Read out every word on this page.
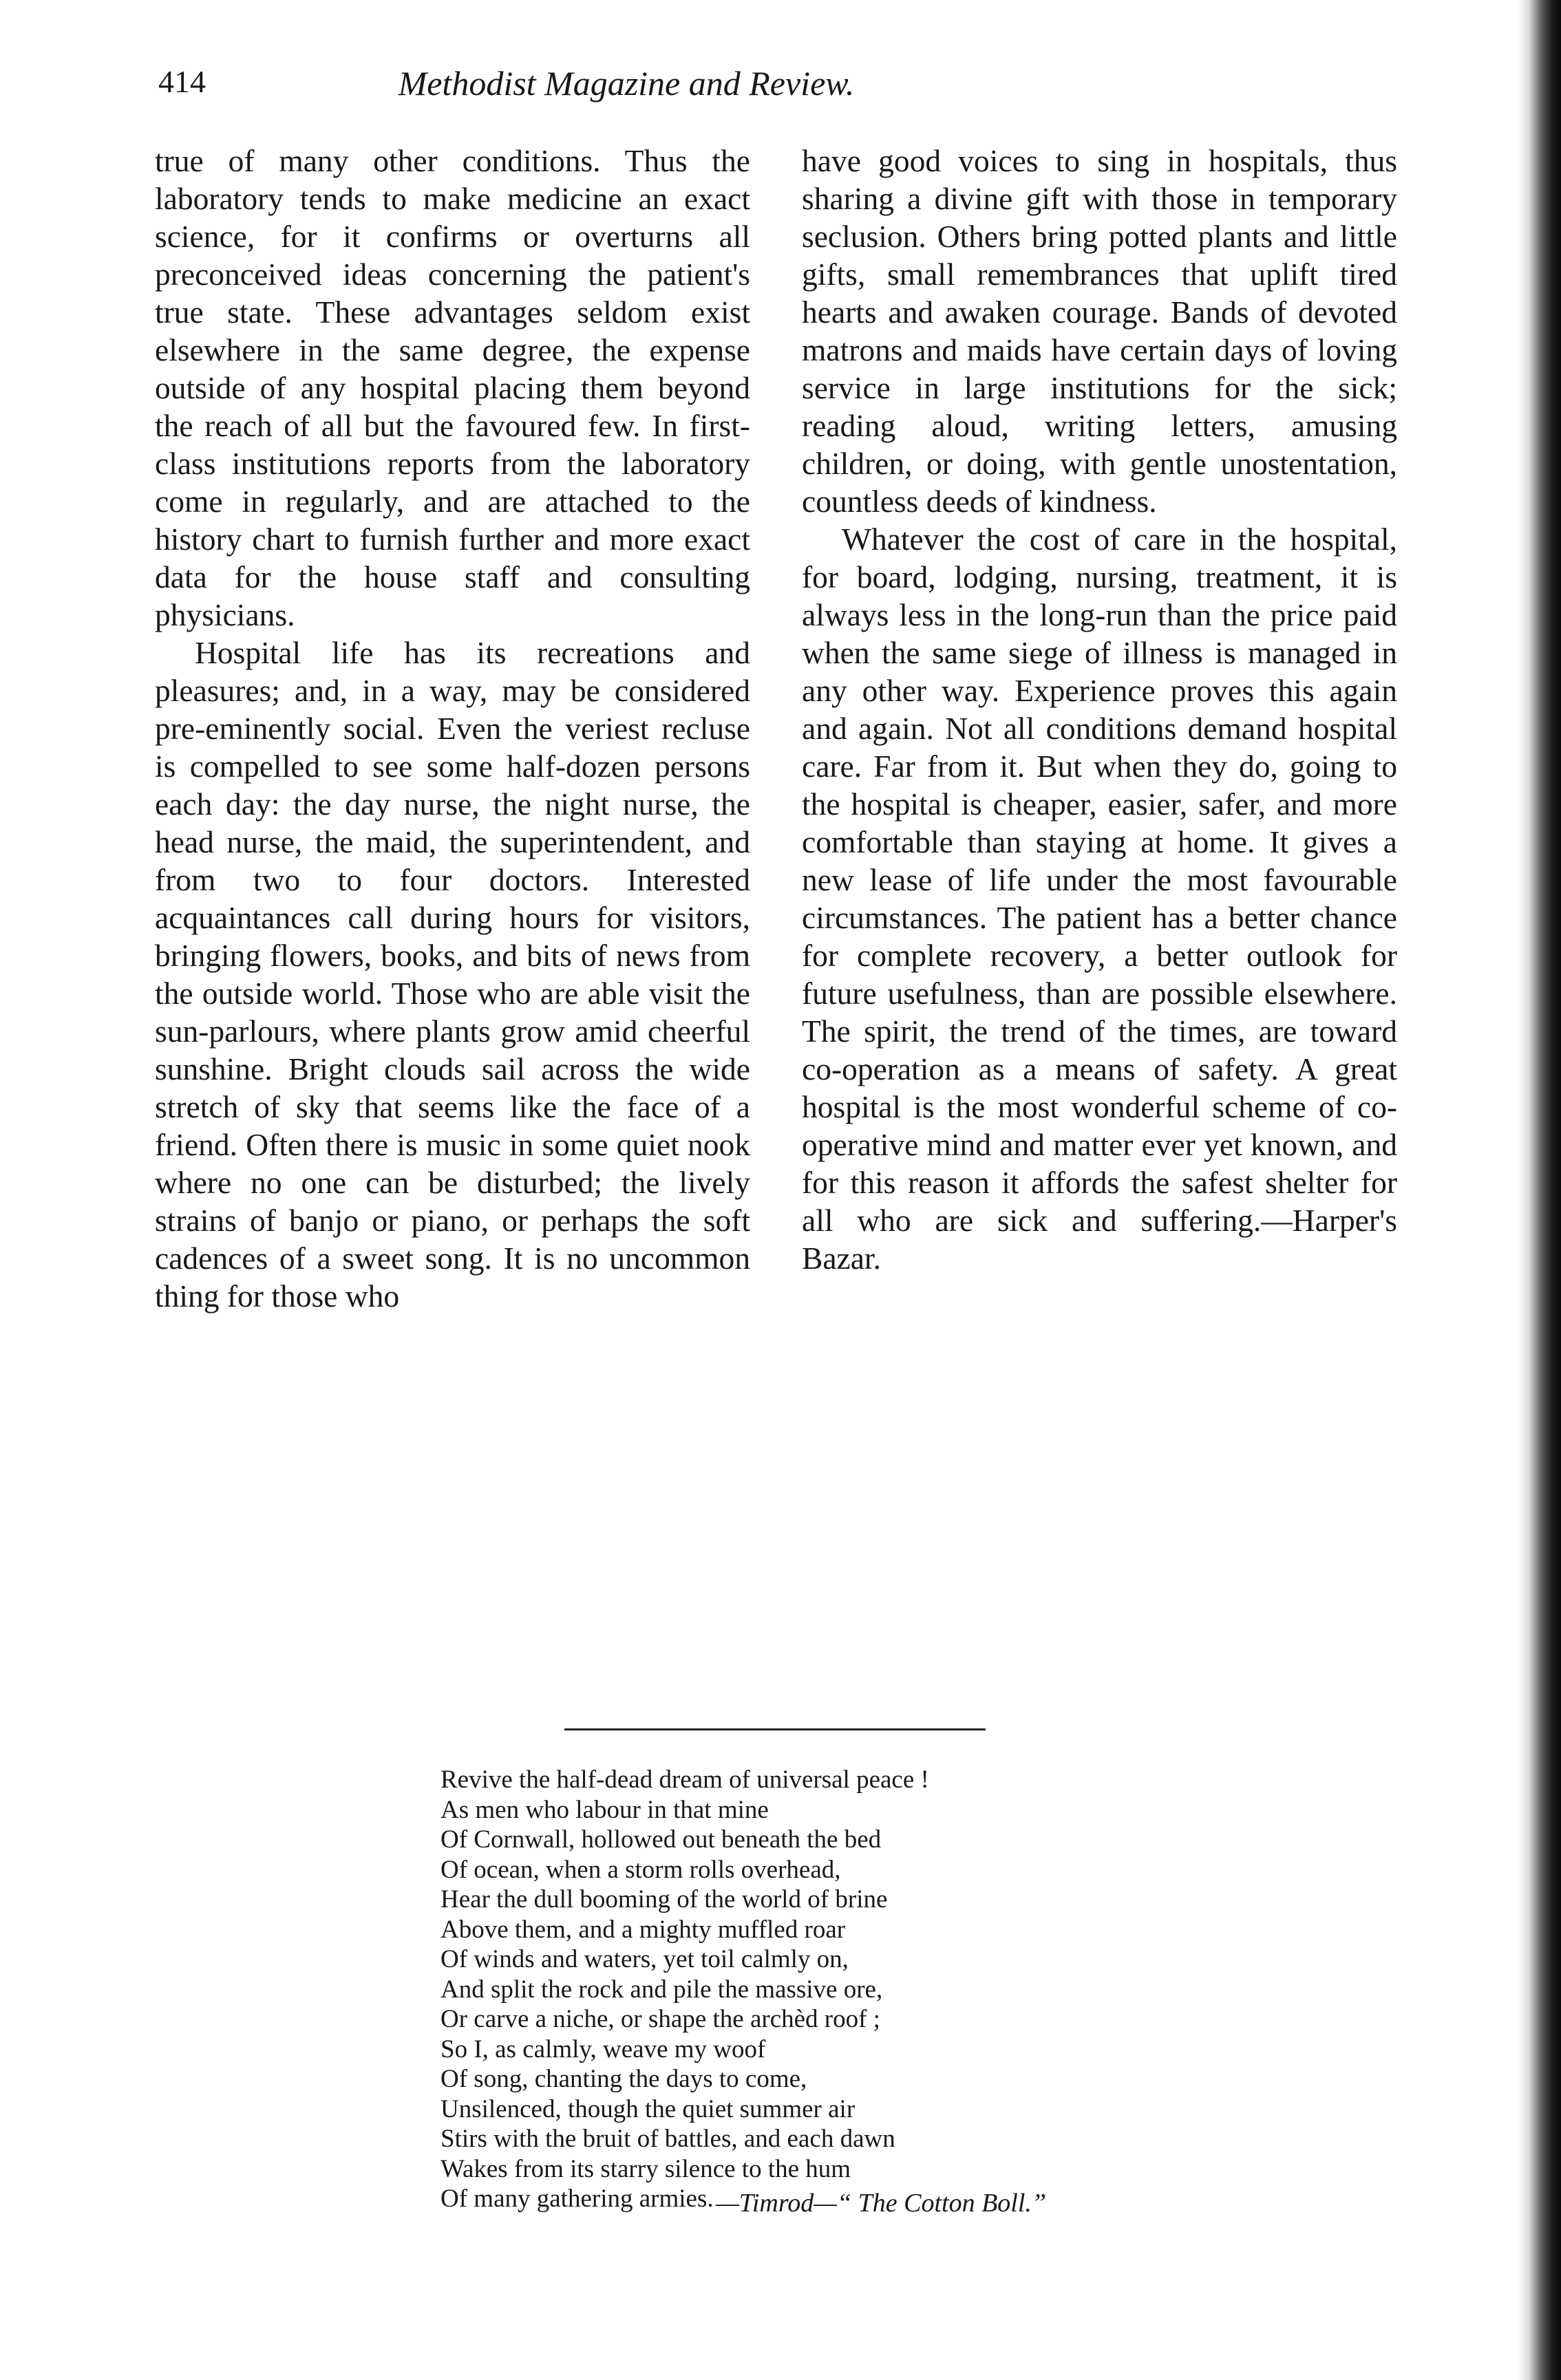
414	Methodist Magazine and Review.

true of many other conditions. Thus the laboratory tends to make medicine an exact science, for it confirms or overturns all preconceived ideas concerning the patient's true state. These advantages seldom exist elsewhere in the same degree, the expense outside of any hospital placing them beyond the reach of all but the favoured few. In first-class institutions reports from the laboratory come in regularly, and are attached to the history chart to furnish further and more exact data for the house staff and consulting physicians.

Hospital life has its recreations and pleasures; and, in a way, may be considered pre-eminently social. Even the veriest recluse is compelled to see some half-dozen persons each day: the day nurse, the night nurse, the head nurse, the maid, the superintendent, and from two to four doctors. Interested acquaintances call during hours for visitors, bringing flowers, books, and bits of news from the outside world. Those who are able visit the sun-parlours, where plants grow amid cheerful sunshine. Bright clouds sail across the wide stretch of sky that seems like the face of a friend. Often there is music in some quiet nook where no one can be disturbed; the lively strains of banjo or piano, or perhaps the soft cadences of a sweet song. It is no uncommon thing for those who

have good voices to sing in hospitals, thus sharing a divine gift with those in temporary seclusion. Others bring potted plants and little gifts, small remembrances that uplift tired hearts and awaken courage. Bands of devoted matrons and maids have certain days of loving service in large institutions for the sick; reading aloud, writing letters, amusing children, or doing, with gentle unostentation, countless deeds of kindness.

Whatever the cost of care in the hospital, for board, lodging, nursing, treatment, it is always less in the long-run than the price paid when the same siege of illness is managed in any other way. Experience proves this again and again. Not all conditions demand hospital care. Far from it. But when they do, going to the hospital is cheaper, easier, safer, and more comfortable than staying at home. It gives a new lease of life under the most favourable circumstances. The patient has a better chance for complete recovery, a better outlook for future usefulness, than are possible elsewhere. The spirit, the trend of the times, are toward co-operation as a means of safety. A great hospital is the most wonderful scheme of co-operative mind and matter ever yet known, and for this reason it affords the safest shelter for all who are sick and suffering.—Harper's Bazar.

Revive the half-dead dream of universal peace !
As men who labour in that mine
Of Cornwall, hollowed out beneath the bed
Of ocean, when a storm rolls overhead,
Hear the dull booming of the world of brine
Above them, and a mighty muffled roar
Of winds and waters, yet toil calmly on,
And split the rock and pile the massive ore,
Or carve a niche, or shape the archèd roof ;
So I, as calmly, weave my woof
Of song, chanting the days to come,
Unsilenced, though the quiet summer air
Stirs with the bruit of battles, and each dawn
Wakes from its starry silence to the hum
Of many gathering armies. —Timrod—“ The Cotton Boll.”
